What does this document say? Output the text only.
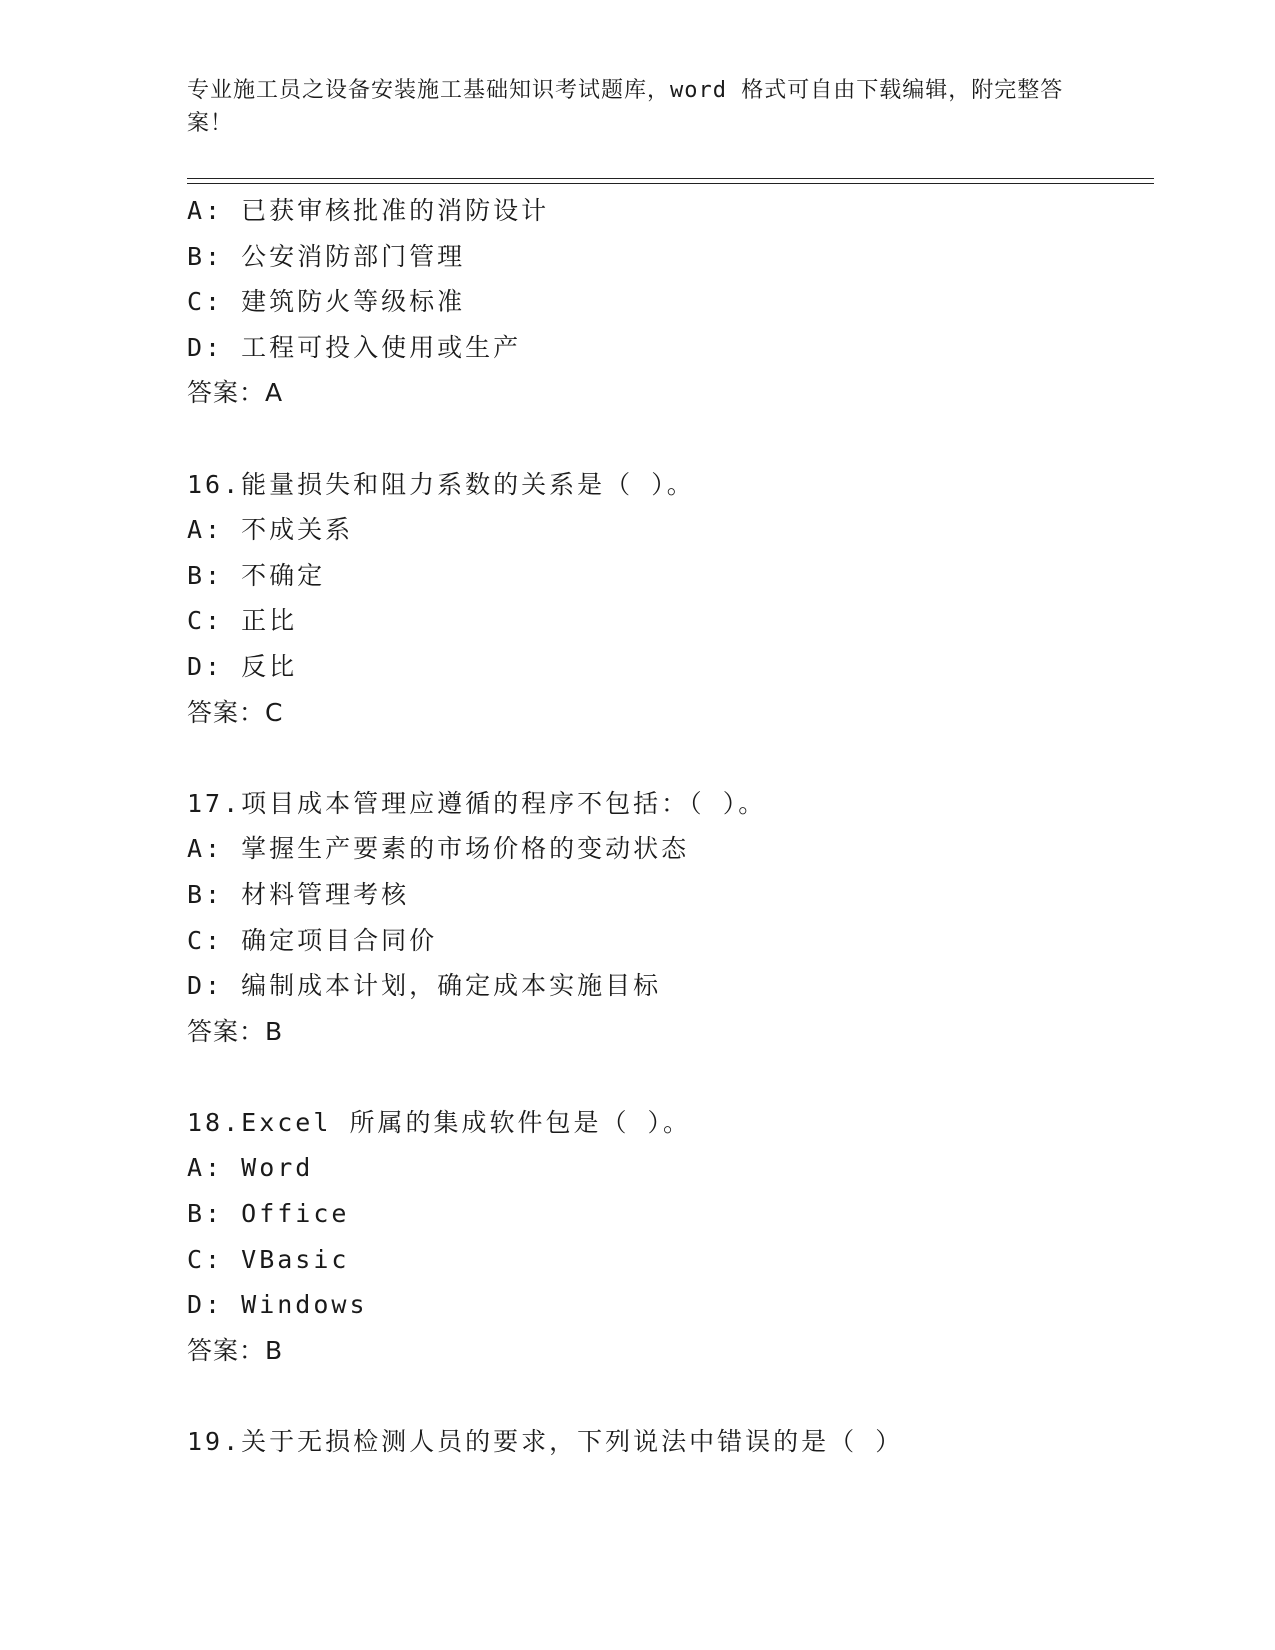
专业施工员之设备安装施工基础知识考试题库，word 格式可自由下载编辑，附完整答案！
A: 已获审核批准的消防设计
B: 公安消防部门管理
C: 建筑防火等级标准
D: 工程可投入使用或生产
答案：A
16.能量损失和阻力系数的关系是（ ）。
A: 不成关系
B: 不确定
C: 正比
D: 反比
答案：C
17.项目成本管理应遵循的程序不包括：（ ）。
A: 掌握生产要素的市场价格的变动状态
B: 材料管理考核
C: 确定项目合同价
D: 编制成本计划，确定成本实施目标
答案：B
18.Excel 所属的集成软件包是（ ）。
A: Word
B: Office
C: VBasic
D: Windows
答案：B
19.关于无损检测人员的要求，下列说法中错误的是（ ）
